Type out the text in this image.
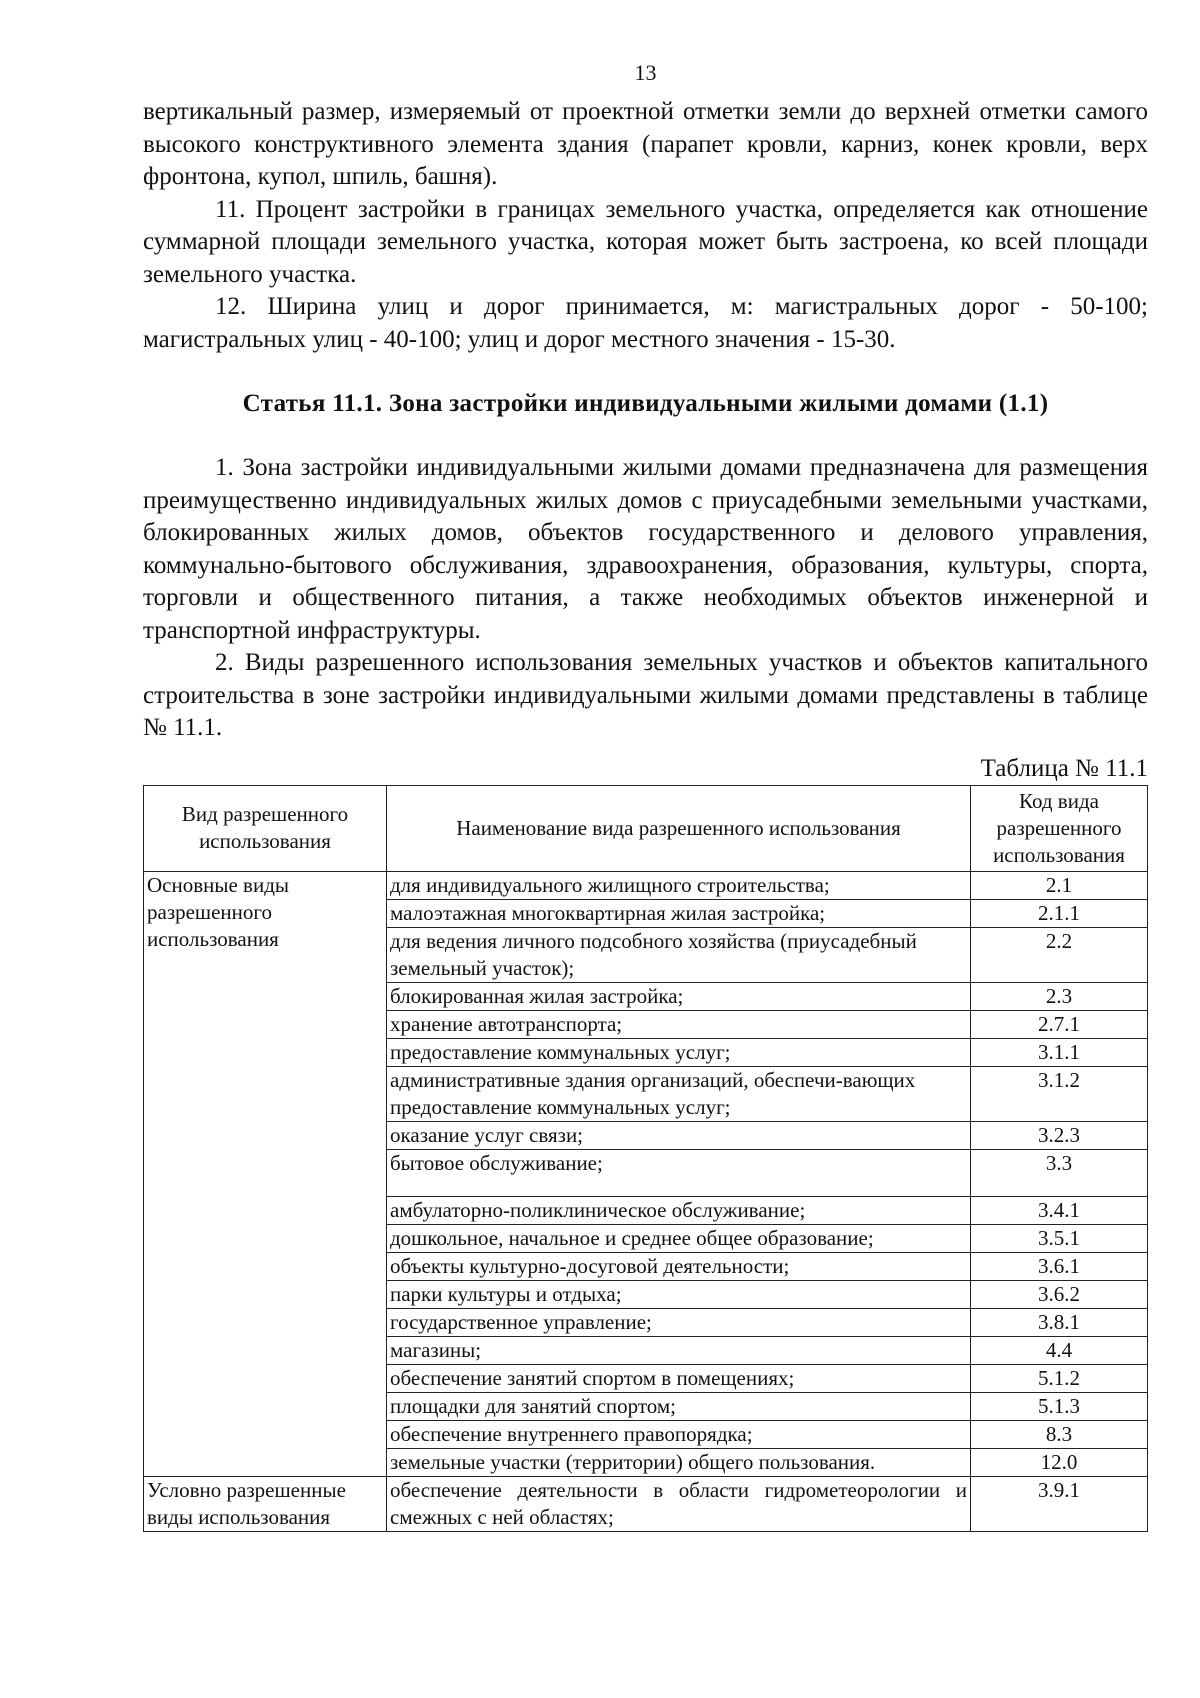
13

вертикальный размер, измеряемый от проектной отметки земли до верхней отметки самого высокого конструктивного элемента здания (парапет кровли, карниз, конек кровли, верх фронтона, купол, шпиль, башня).

11. Процент застройки в границах земельного участка, определяется как отношение суммарной площади земельного участка, которая может быть застроена, ко всей площади земельного участка.

12. Ширина улиц и дорог принимается, м: магистральных дорог - 50-100; магистральных улиц - 40-100; улиц и дорог местного значения - 15-30.

Статья 11.1. Зона застройки индивидуальными жилыми домами (1.1)

1. Зона застройки индивидуальными жилыми домами предназначена для размещения преимущественно индивидуальных жилых домов с приусадебными земельными участками, блокированных жилых домов, объектов государственного и делового управления, коммунально-бытового обслуживания, здравоохранения, образования, культуры, спорта, торговли и общественного питания, а также необходимых объектов инженерной и транспортной инфраструктуры.

2. Виды разрешенного использования земельных участков и объектов капитального строительства в зоне застройки индивидуальными жилыми домами представлены в таблице № 11.1.

Таблица № 11.1
Вид разрешенного использования	Наименование вида разрешенного использования	Код вида разрешенного использования
Основные виды разрешенного использования	для индивидуального жилищного строительства;	2.1
	малоэтажная многоквартирная жилая застройка;	2.1.1
	для ведения личного подсобного хозяйства (приусадебный земельный участок);	2.2
	блокированная жилая застройка;	2.3
	хранение автотранспорта;	2.7.1
	предоставление коммунальных услуг;	3.1.1
	административные здания организаций, обеспечи-вающих предоставление коммунальных услуг;	3.1.2
	оказание услуг связи;	3.2.3
	бытовое обслуживание;	3.3
	амбулаторно-поликлиническое обслуживание;	3.4.1
	дошкольное, начальное и среднее общее образование;	3.5.1
	объекты культурно-досуговой деятельности;	3.6.1
	парки культуры и отдыха;	3.6.2
	государственное управление;	3.8.1
	магазины;	4.4
	обеспечение занятий спортом в помещениях;	5.1.2
	площадки для занятий спортом;	5.1.3
	обеспечение внутреннего правопорядка;	8.3
	земельные участки (территории) общего пользования.	12.0
Условно разрешенные виды использования	обеспечение деятельности в области гидрометеорологии и смежных с ней областях;	3.9.1
